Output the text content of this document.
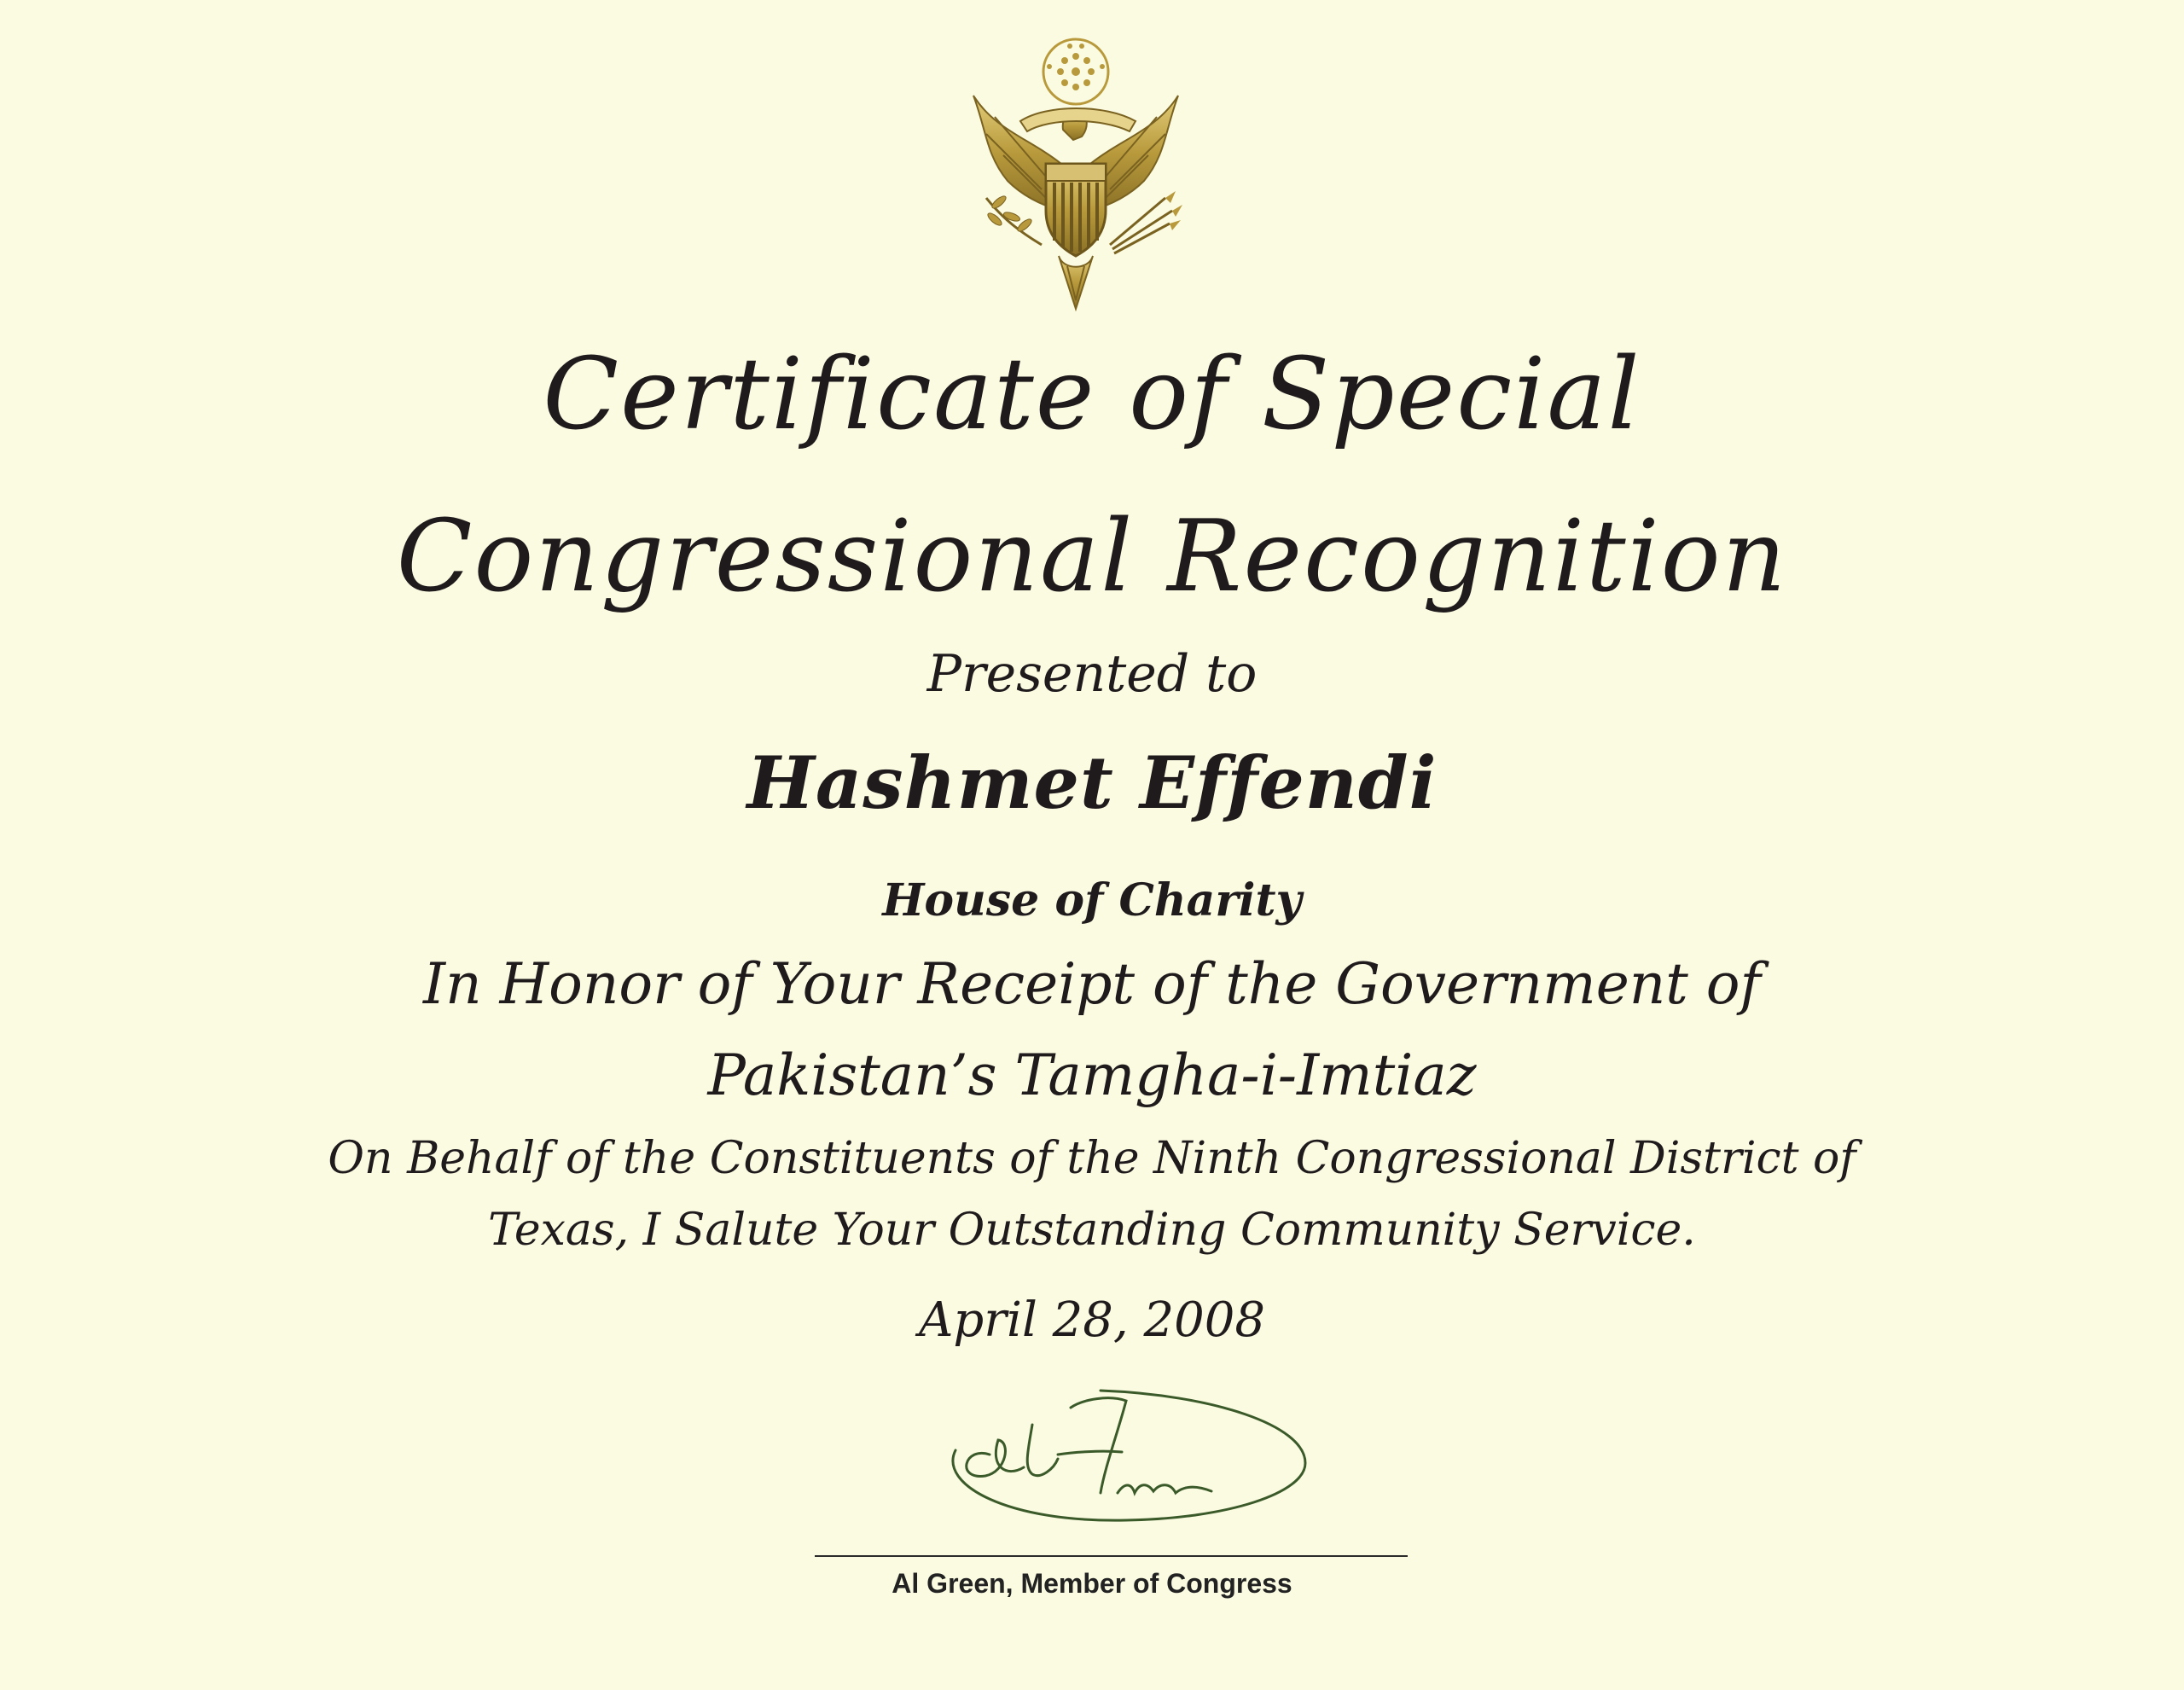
Certificate of Special
Congressional Recognition
Presented to
Hashmet Effendi
House of Charity
In Honor of Your Receipt of the Government of
Pakistan’s Tamgha-i-Imtiaz
On Behalf of the Constituents of the Ninth Congressional District of
Texas, I Salute Your Outstanding Community Service.
April 28, 2008
Al Green, Member of Congress
